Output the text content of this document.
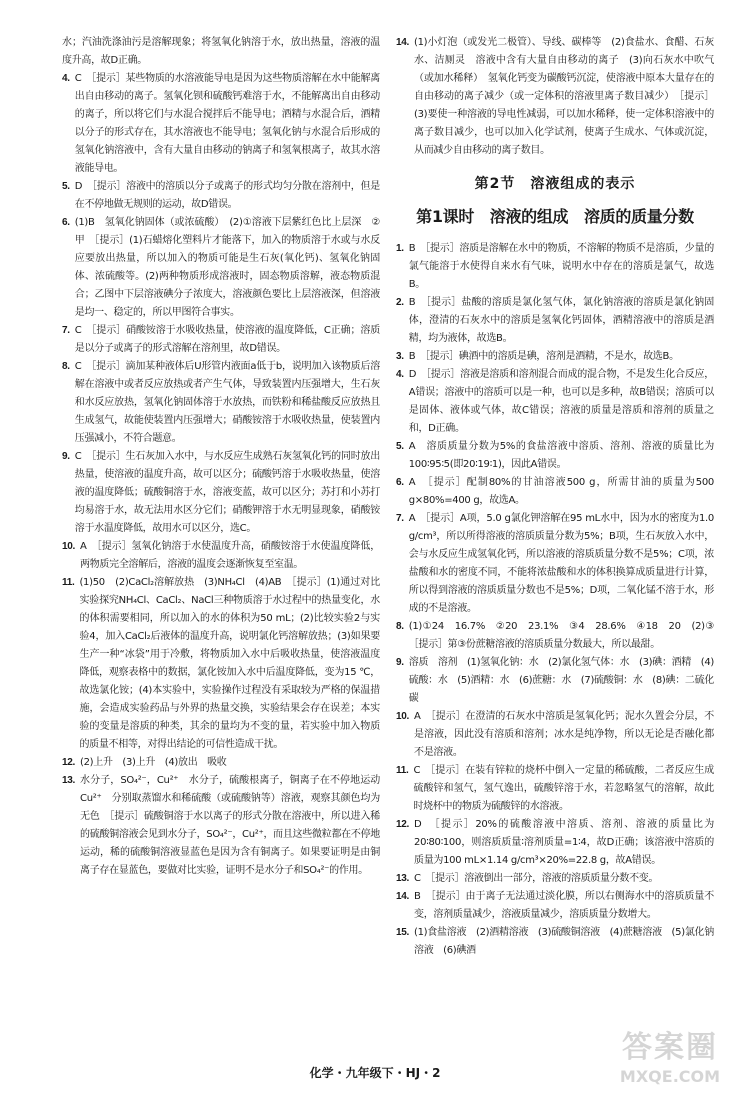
水；汽油洗涤油污是溶解现象；将氢氧化钠溶于水，放出热量，溶液的温度升高，故D正确。
4. C　［提示］某些物质的水溶液能导电是因为这些物质溶解在水中能解离出自由移动的离子。氢氧化钡和硫酸钙难溶于水，不能解离出自由移动的离子，所以将它们与水混合搅拌后不能导电；酒精与水混合后，酒精以分子的形式存在，其水溶液也不能导电；氢氧化钠与水混合后形成的氢氧化钠溶液中，含有大量自由移动的钠离子和氢氧根离子，故其水溶液能导电。
5. D　［提示］溶液中的溶质以分子或离子的形式均匀分散在溶剂中，但是在不停地做无规则的运动，故D错误。
6. (1)B　氢氧化钠固体（或浓硫酸）　(2)①溶液下层紫红色比上层深　②甲　［提示］(1)石蜡熔化塑料片才能落下，加入的物质溶于水或与水反应要放出热量，所以加入的物质可能是生石灰(氧化钙)、氢氧化钠固体、浓硫酸等。(2)两种物质形成溶液时，固态物质溶解，液态物质混合；乙图中下层溶液碘分子浓度大，溶液颜色要比上层溶液深，但溶液是均一、稳定的，所以甲图符合事实。
7. C　［提示］硝酸铵溶于水吸收热量，使溶液的温度降低，C正确；溶质是以分子或离子的形式溶解在溶剂里，故D错误。
8. C　［提示］滴加某种液体后U形管内液面a低于b，说明加入该物质后溶解在溶液中或者反应放热或者产生气体，导致装置内压强增大，生石灰和水反应放热，氢氧化钠固体溶于水放热，而铁粉和稀盐酸反应放热且生成氢气，故能使装置内压强增大；硝酸铵溶于水吸收热量，使装置内压强减小，不符合题意。
9. C　［提示］生石灰加入水中，与水反应生成熟石灰氢氧化钙的同时放出热量，使溶液的温度升高，故可以区分；硫酸钙溶于水吸收热量，使溶液的温度降低；硫酸铜溶于水，溶液变蓝，故可以区分；苏打和小苏打均易溶于水，故无法用水区分它们；硝酸钾溶于水无明显现象，硝酸铵溶于水温度降低，故用水可以区分，选C。
10. A　［提示］氢氧化钠溶于水使温度升高，硝酸铵溶于水使温度降低，两物质完全溶解后，溶液的温度会逐渐恢复至室温。
11. (1)50　(2)CaCl₂溶解放热　(3)NH₄Cl　(4)AB　［提示］(1)通过对比实验探究NH₄Cl、CaCl₂、NaCl三种物质溶于水过程中的热量变化，水的体积需要相同，所以加入的水的体积为50 mL；(2)比较实验2与实验4，加入CaCl₂后液体的温度升高，说明氯化钙溶解放热；(3)如果要生产一种“冰袋”用于冷敷，将物质加入水中后吸收热量，使溶液温度降低，观察表格中的数据，氯化铵加入水中后温度降低，变为15 ℃，故选氯化铵；(4)本实验中，实验操作过程没有采取较为严格的保温措施，会造成实验药品与外界的热量交换，实验结果会存在误差；本实验的变量是溶质的种类，其余的量均为不变的量，若实验中加入物质的质量不相等，对得出结论的可信性造成干扰。
12. (2)上升　(3)上升　(4)放出　吸收
13. 水分子，SO₄²⁻，Cu²⁺　水分子，硫酸根离子，铜离子在不停地运动　Cu²⁺　分别取蒸馏水和稀硫酸（或硫酸钠等）溶液，观察其颜色均为无色　［提示］硫酸铜溶于水以离子的形式分散在溶液中，所以进入稀的硫酸铜溶液会见到水分子，SO₄²⁻，Cu²⁺，而且这些微粒都在不停地运动，稀的硫酸铜溶液显蓝色是因为含有铜离子。如果要证明是由铜离子存在显蓝色，要做对比实验，证明不是水分子和SO₄²⁻的作用。
14. (1)小灯泡（或发光二极管）、导线、碳棒等　(2)食盐水、食醋、石灰水、洁厕灵　溶液中含有大量自由移动的离子　(3)向石灰水中吹气（或加水稀释）　氢氧化钙变为碳酸钙沉淀，使溶液中原本大量存在的自由移动的离子减少（或一定体积的溶液里离子数目减少）　［提示］(3)要使一种溶液的导电性减弱，可以加水稀释，使一定体积溶液中的离子数目减少，也可以加入化学试剂，使离子生成水、气体或沉淀，从而减少自由移动的离子数目。
第2节　溶液组成的表示
第1课时　溶液的组成　溶质的质量分数
1. B　［提示］溶质是溶解在水中的物质，不溶解的物质不是溶质，少量的氯气能溶于水使得自来水有气味，说明水中存在的溶质是氯气，故选B。
2. B　［提示］盐酸的溶质是氯化氢气体，氯化钠溶液的溶质是氯化钠固体，澄清的石灰水中的溶质是氢氧化钙固体，酒精溶液中的溶质是酒精，均为液体，故选B。
3. B　［提示］碘酒中的溶质是碘，溶剂是酒精，不是水，故选B。
4. D　［提示］溶液是溶质和溶剂混合而成的混合物，不是发生化合反应，A错误；溶液中的溶质可以是一种，也可以是多种，故B错误；溶质可以是固体、液体或气体，故C错误；溶液的质量是溶质和溶剂的质量之和，D正确。
5. A　溶质质量分数为5%的食盐溶液中溶质、溶剂、溶液的质量比为100∶95∶5(即20∶19∶1)，因此A错误。
6. A　［提示］配制80%的甘油溶液500 g，所需甘油的质量为500 g×80%=400 g，故选A。
7. A　［提示］A项，5.0 g氯化钾溶解在95 mL水中，因为水的密度为1.0 g/cm³，所以所得溶液的溶质质量分数为5%；B项，生石灰放入水中，会与水反应生成氢氧化钙，所以溶液的溶质质量分数不是5%；C项，浓盐酸和水的密度不同，不能将浓盐酸和水的体积换算成质量进行计算，所以得到溶液的溶质质量分数也不是5%；D项，二氧化锰不溶于水，形成的不是溶液。
8. (1)①24　16.7%　②20　23.1%　③4　28.6%　④18　20　(2)③　［提示］第③份蔗糖溶液的溶质质量分数最大，所以最甜。
9. 溶质　溶剂　(1)氢氧化钠：水　(2)氯化氢气体：水　(3)碘：酒精　(4)硫酸：水　(5)酒精：水　(6)蔗糖：水　(7)硫酸铜：水　(8)碘：二硫化碳
10. A　［提示］在澄清的石灰水中溶质是氢氧化钙；泥水久置会分层，不是溶液，因此没有溶质和溶剂；冰水是纯净物，所以无论是否融化都不是溶液。
11. C　［提示］在装有锌粒的烧杯中倒入一定量的稀硫酸，二者反应生成硫酸锌和氢气，氢气逸出，硫酸锌溶于水，若忽略氢气的溶解，故此时烧杯中的物质为硫酸锌的水溶液。
12. D　［提示］20%的硫酸溶液中溶质、溶剂、溶液的质量比为20∶80∶100，则溶质质量∶溶剂质量=1∶4，故D正确；该溶液中溶质的质量为100 mL×1.14 g/cm³×20%=22.8 g，故A错误。
13. C　［提示］溶液倒出一部分，溶液的溶质质量分数不变。
14. B　［提示］由于离子无法通过淡化膜，所以右侧海水中的溶质质量不变，溶剂质量减少，溶液质量减少，溶质质量分数增大。
15. (1)食盐溶液　(2)酒精溶液　(3)硫酸铜溶液　(4)蔗糖溶液　(5)氯化钠溶液　(6)碘酒
化学・九年级下・HJ・2
答案圈
MXQE.COM
